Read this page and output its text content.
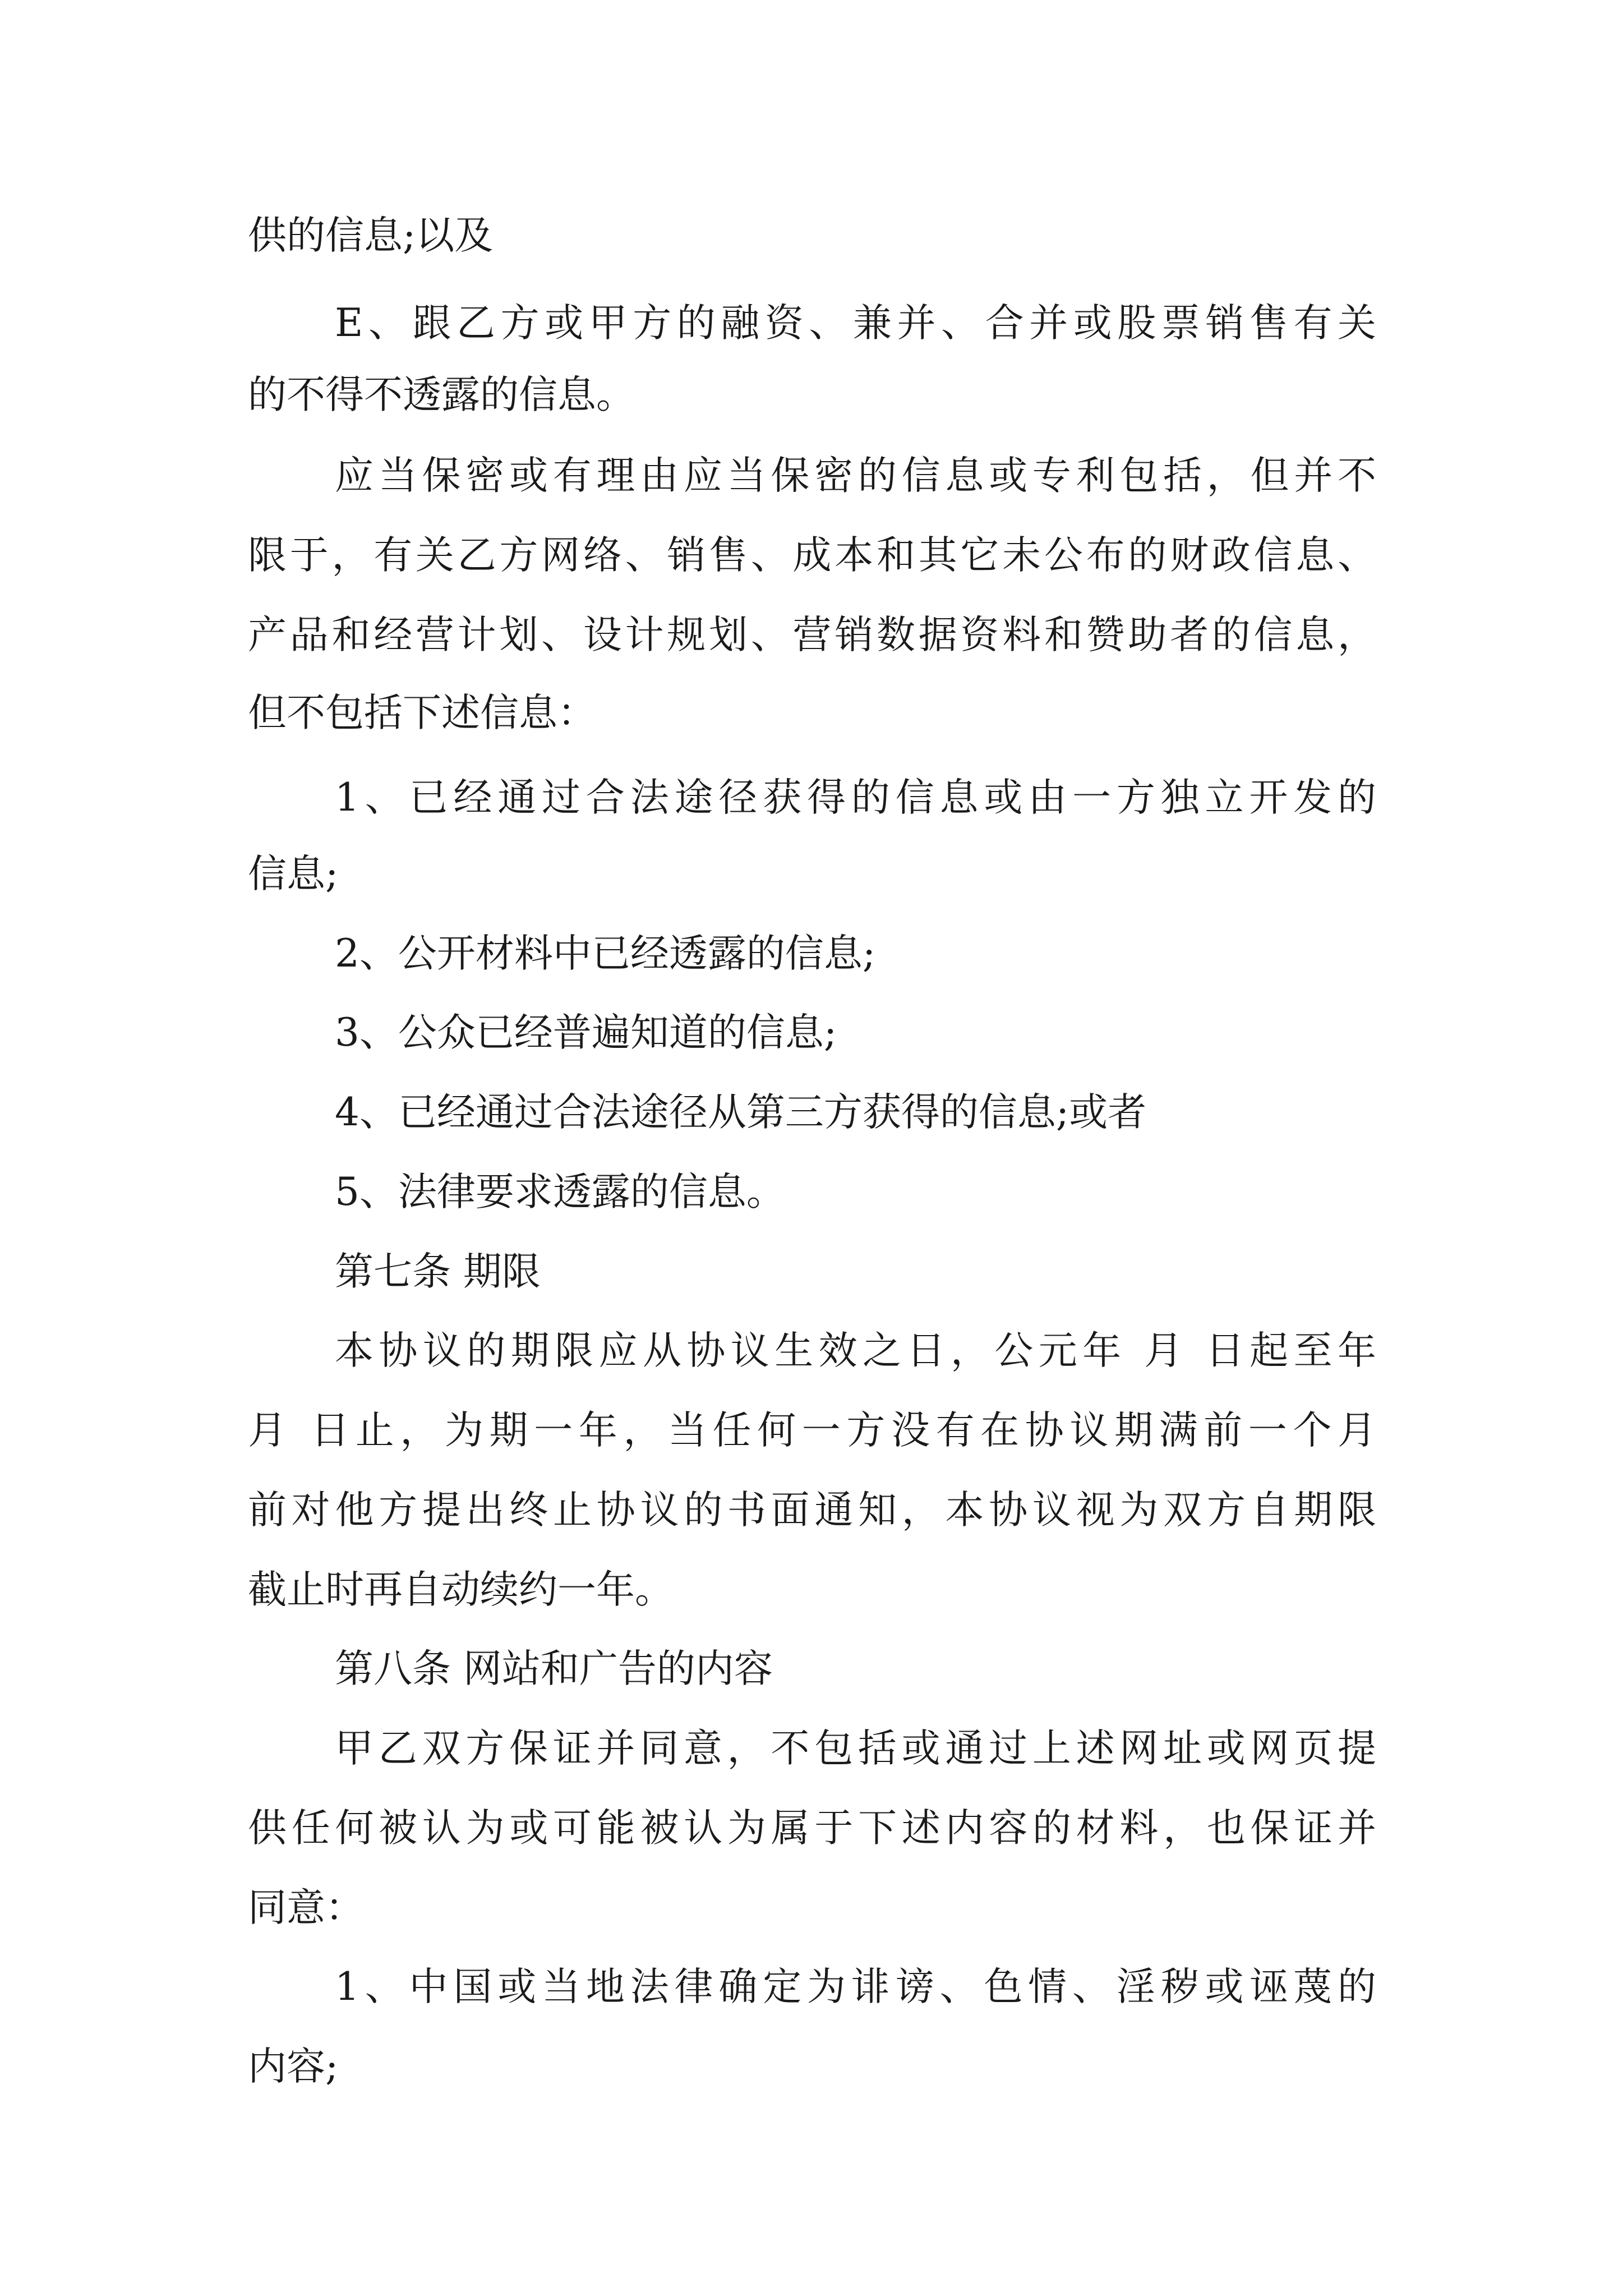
供的信息;以及

E、跟乙方或甲方的融资、兼并、合并或股票销售有关

的不得不透露的信息。

应当保密或有理由应当保密的信息或专利包括，但并不

限于，有关乙方网络、销售、成本和其它未公布的财政信息、

产品和经营计划、设计规划、营销数据资料和赞助者的信息，

但不包括下述信息：

1、已经通过合法途径获得的信息或由一方独立开发的

信息;

2、公开材料中已经透露的信息;

3、公众已经普遍知道的信息;

4、已经通过合法途径从第三方获得的信息;或者

5、法律要求透露的信息。

第七条 期限

本协议的期限应从协议生效之日，公元年 月 日起至年

月 日止，为期一年，当任何一方没有在协议期满前一个月

前对他方提出终止协议的书面通知，本协议视为双方自期限

截止时再自动续约一年。

第八条 网站和广告的内容

甲乙双方保证并同意，不包括或通过上述网址或网页提

供任何被认为或可能被认为属于下述内容的材料，也保证并

同意：

1、中国或当地法律确定为诽谤、色情、淫秽或诬蔑的

内容;
